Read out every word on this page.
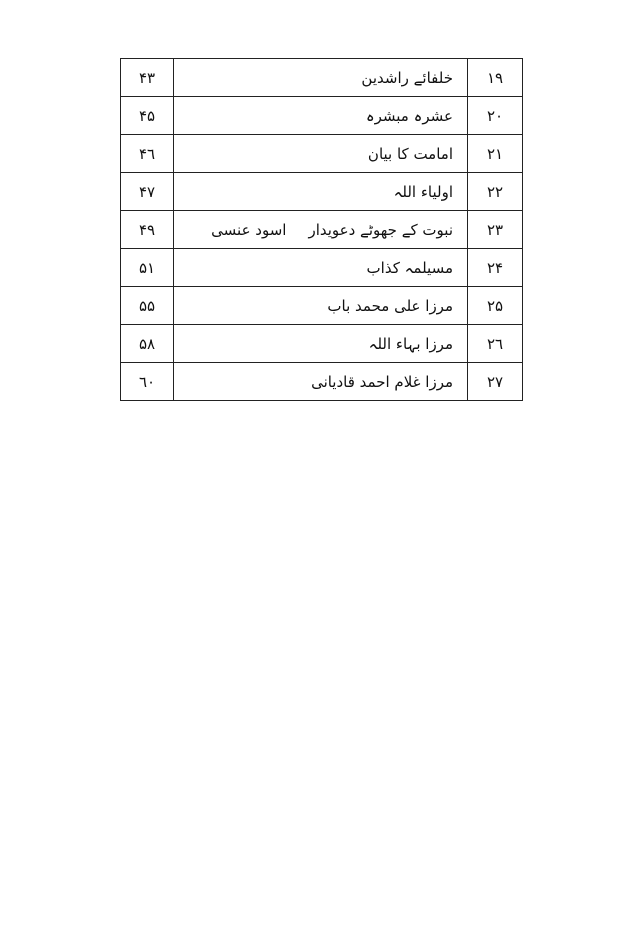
١٩	خلفائے راشدین	۴۳
٢٠	عشرہ مبشرہ	۴۵
٢١	امامت کا بیان	۴٦
٢٢	اولیاء اللہ	۴۷
٢٣	نبوت کے جھوٹے دعویداراسود عنسی	۴٩
٢۴	مسیلمہ کذاب	۵١
٢۵	مرزا علی محمد باب	۵۵
٢٦	مرزا بہاء اللہ	۵٨
٢۷	مرزا غلام احمد قادیانی	٦٠
